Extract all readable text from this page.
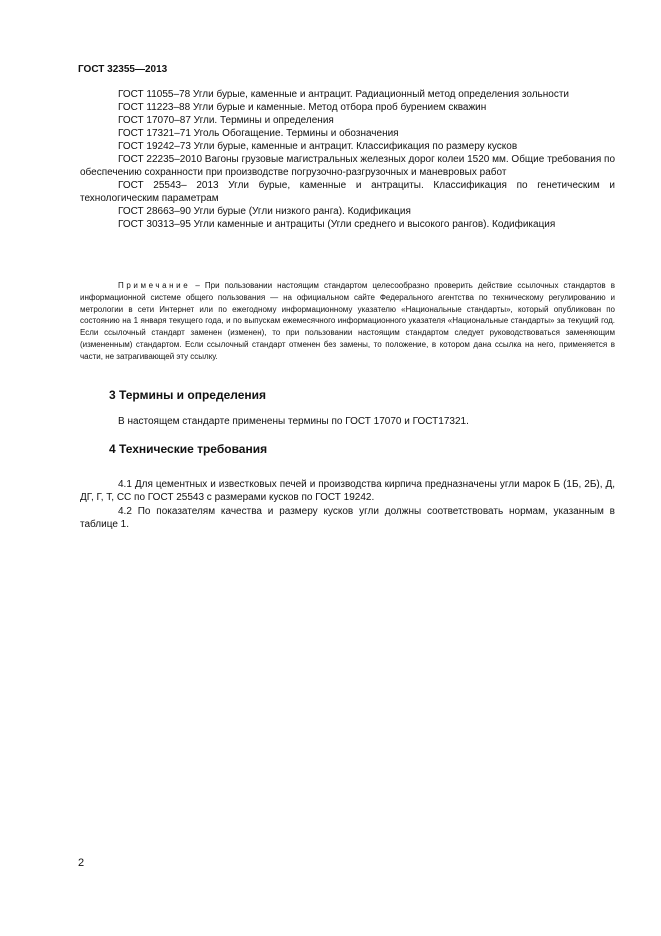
ГОСТ 32355—2013

ГОСТ 11055–78 Угли бурые, каменные и антрацит. Радиационный метод определения зольности

ГОСТ 11223–88 Угли бурые и каменные. Метод отбора проб бурением скважин

ГОСТ 17070–87 Угли. Термины и определения

ГОСТ 17321–71 Уголь Обогащение. Термины и обозначения

ГОСТ 19242–73 Угли бурые, каменные и антрацит. Классификация по размеру кусков

ГОСТ 22235–2010 Вагоны грузовые магистральных железных дорог колеи 1520 мм. Общие требования по обеспечению сохранности при производстве погрузочно-разгрузочных и маневровых работ

ГОСТ 25543– 2013 Угли бурые, каменные и антрациты. Классификация по генетическим и технологическим параметрам

ГОСТ 28663–90 Угли бурые (Угли низкого ранга). Кодификация

ГОСТ 30313–95 Угли каменные и антрациты (Угли среднего и высокого рангов). Кодификация

Примечание – При пользовании настоящим стандартом целесообразно проверить действие ссылочных стандартов в информационной системе общего пользования — на официальном сайте Федерального агентства по техническому регулированию и метрологии в сети Интернет или по ежегодному информационному указателю «Национальные стандарты», который опубликован по состоянию на 1 января текущего года, и по выпускам ежемесячного информационного указателя «Национальные стандарты» за текущий год. Если ссылочный стандарт заменен (изменен), то при пользовании настоящим стандартом следует руководствоваться заменяющим (измененным) стандартом. Если ссылочный стандарт отменен без замены, то положение, в котором дана ссылка на него, применяется в части, не затрагивающей эту ссылку.

3 Термины и определения

В настоящем стандарте применены термины по ГОСТ 17070 и ГОСТ17321.

4 Технические требования

4.1 Для цементных и известковых печей и производства кирпича предназначены угли марок Б (1Б, 2Б), Д, ДГ, Г, Т, СС по ГОСТ 25543 с размерами кусков по ГОСТ 19242.

4.2 По показателям качества и размеру кусков угли должны соответствовать нормам, указанным в таблице 1.

2
